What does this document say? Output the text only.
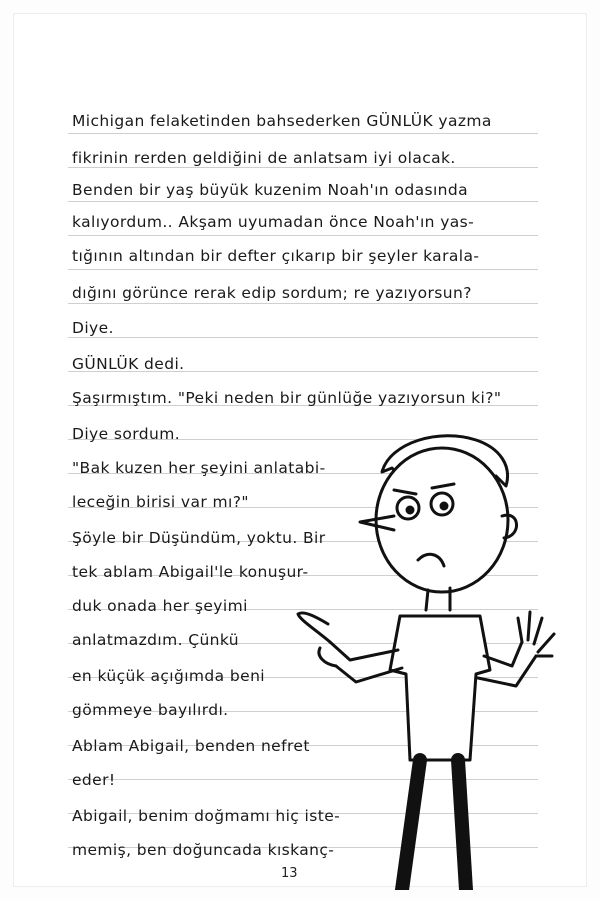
Michigan felaketinden bahsederken GÜNLÜK yazma
fikrinin rerden geldiğini de anlatsam iyi olacak.
Benden bir yaş büyük kuzenim Noah'ın odasında
kalıyordum.. Akşam uyumadan önce Noah'ın yas-
tığının altından bir defter çıkarıp bir şeyler karala-
dığını görünce rerak edip sordum; re yazıyorsun?
Diye.
GÜNLÜK dedi.
Şaşırmıştım. "Peki neden bir günlüğe yazıyorsun ki?"
Diye sordum.
"Bak kuzen her şeyini anlatabi-
leceğin birisi var mı?"
Şöyle bir Düşündüm, yoktu. Bir
tek ablam Abigail'le konuşur-
duk onada her şeyimi
anlatmazdım. Çünkü
en küçük açığımda beni
gömmeye bayılırdı.
Ablam Abigail, benden nefret
eder!
Abigail, benim doğmamı hiç iste-
memiş, ben doğuncada kıskanç-
13
